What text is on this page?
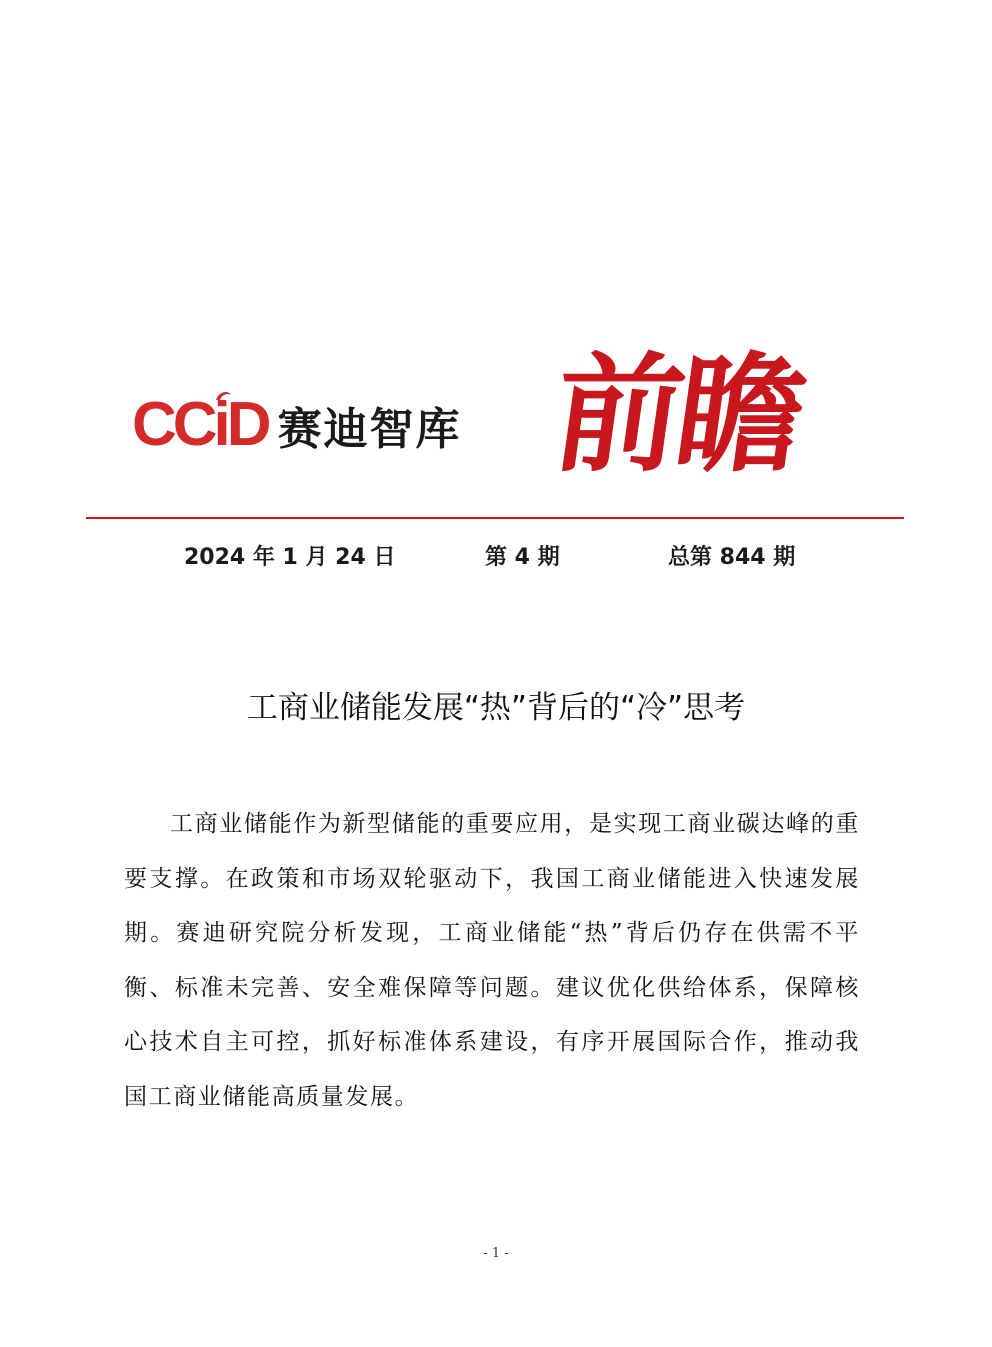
CCiD 赛迪智库 前瞻
2024 年 1 月 24 日	第 4 期	总第 844 期
工商业储能发展“热”背后的“冷”思考

工商业储能作为新型储能的重要应用，是实现工商业碳达峰的重要支撑。在政策和市场双轮驱动下，我国工商业储能进入快速发展期。赛迪研究院分析发现，工商业储能“热”背后仍存在供需不平衡、标准未完善、安全难保障等问题。建议优化供给体系，保障核心技术自主可控，抓好标准体系建设，有序开展国际合作，推动我国工商业储能高质量发展。

- 1 -
